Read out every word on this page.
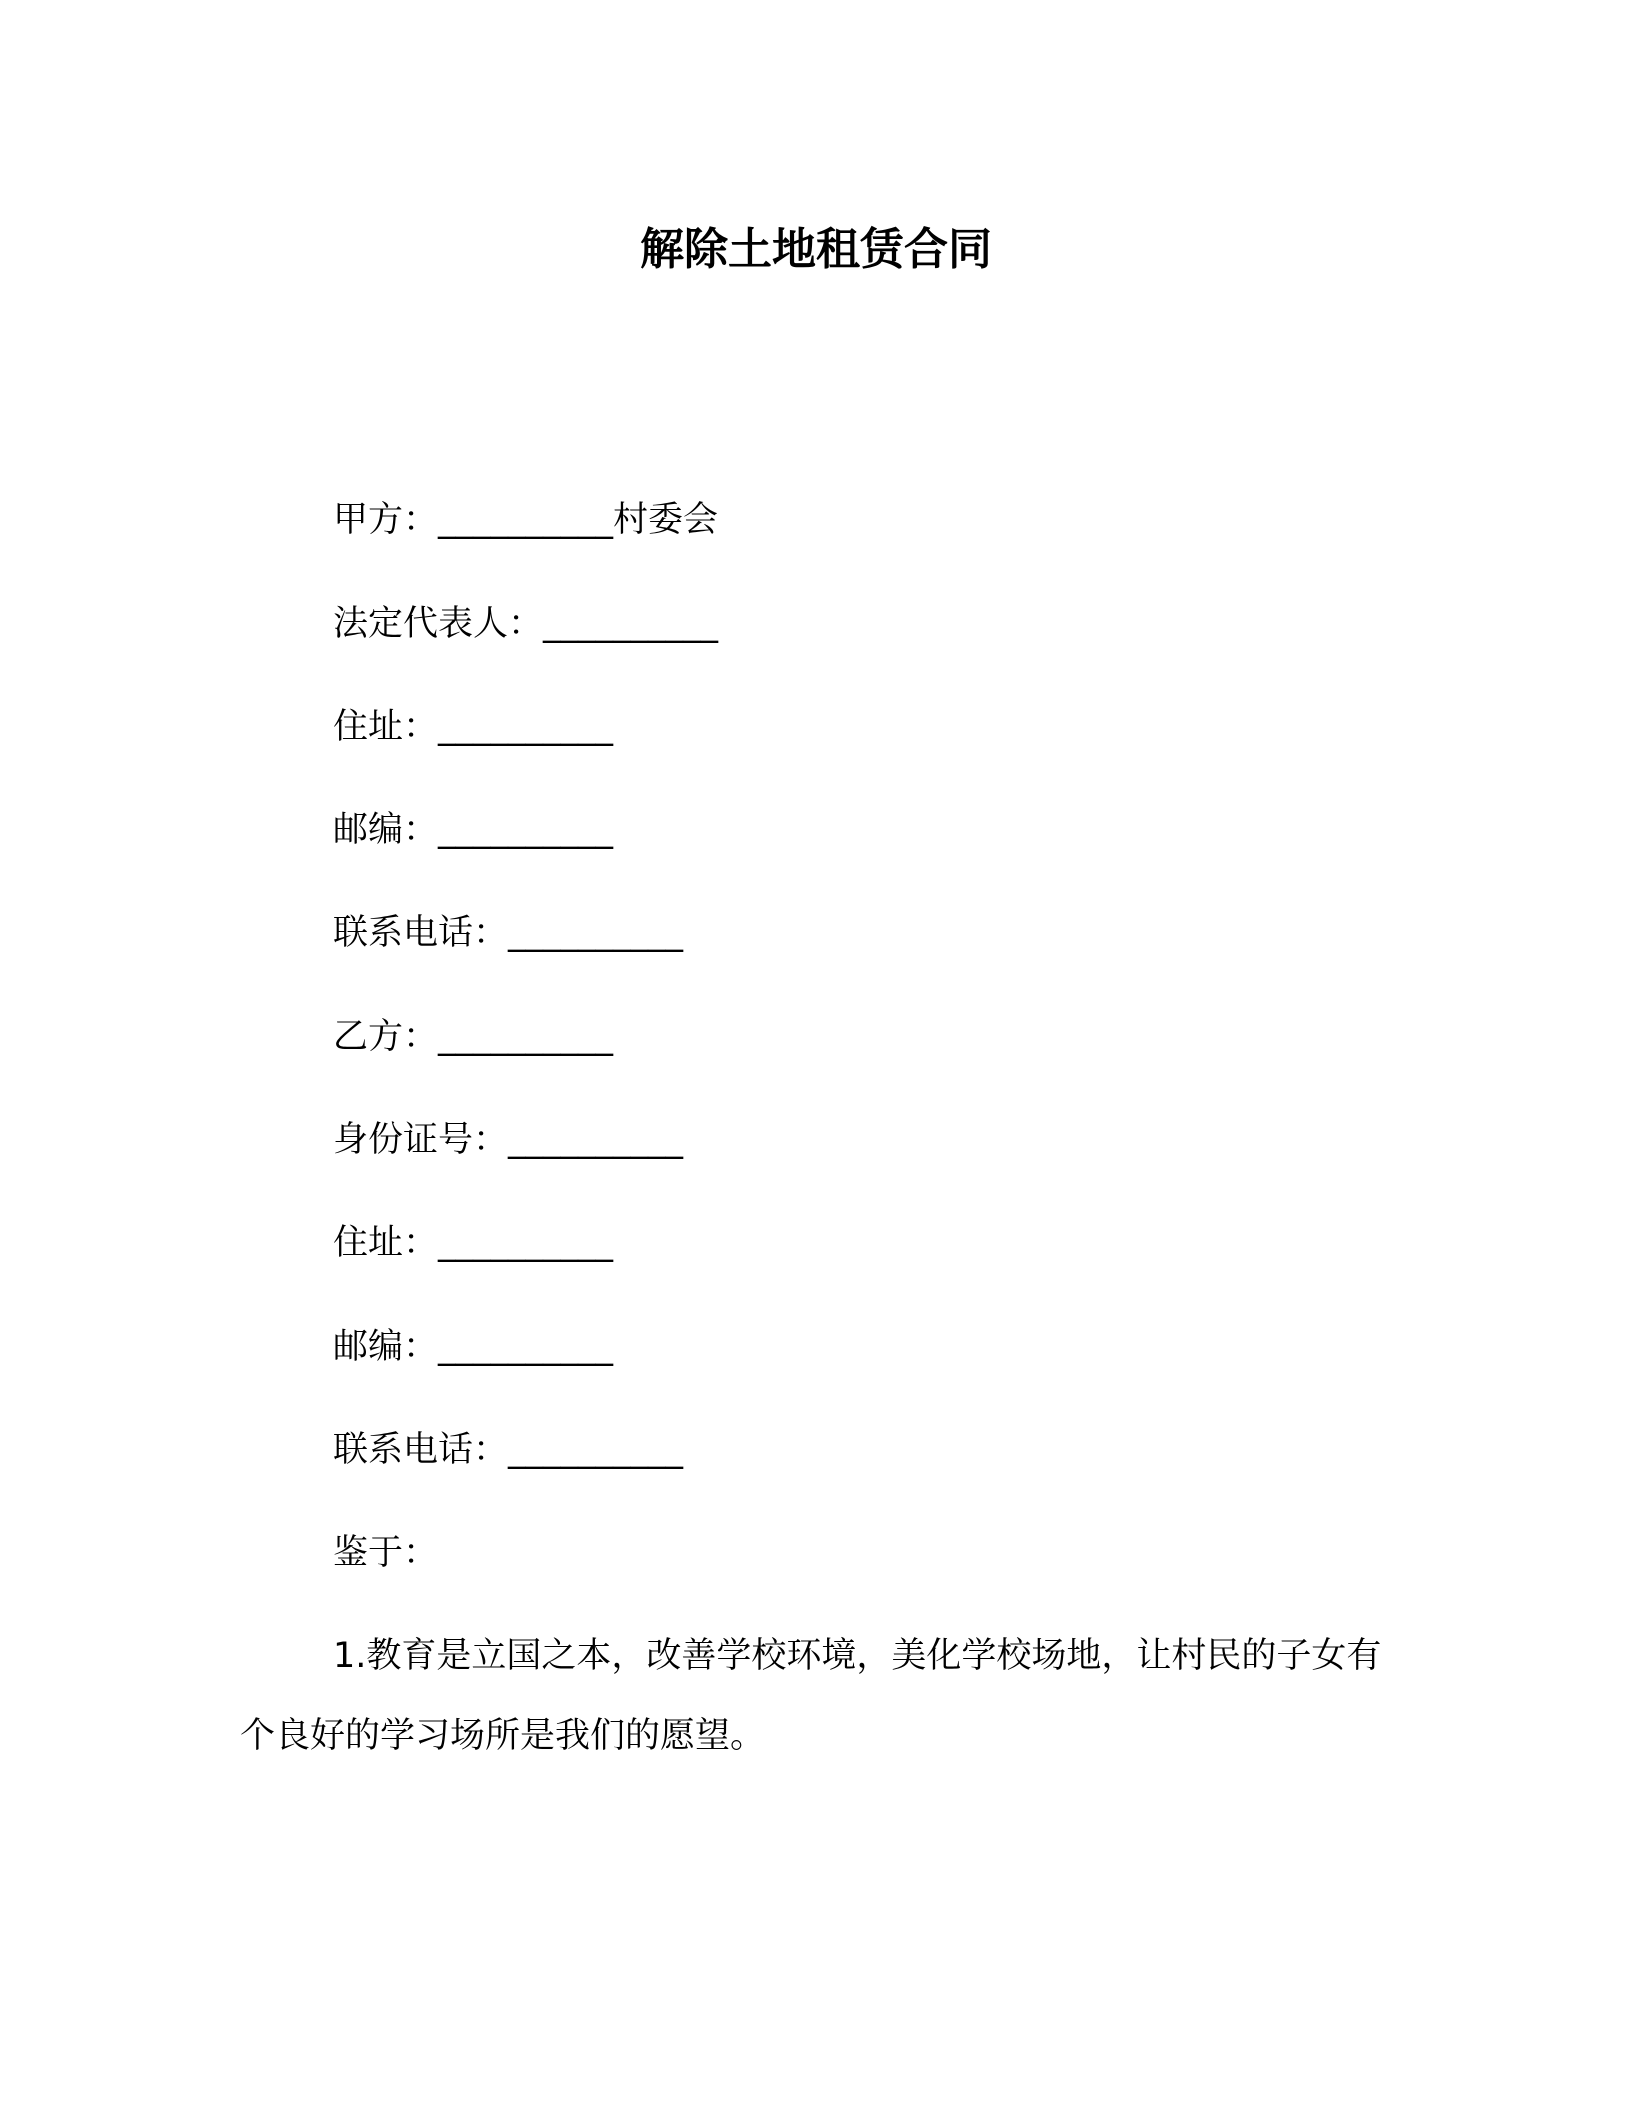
解除土地租赁合同
甲方：__________村委会
法定代表人：__________
住址：__________
邮编：__________
联系电话：__________
乙方：__________
身份证号：__________
住址：__________
邮编：__________
联系电话：__________
鉴于：

1.教育是立国之本，改善学校环境，美化学校场地，让村民的子女有个良好的学习场所是我们的愿望。
